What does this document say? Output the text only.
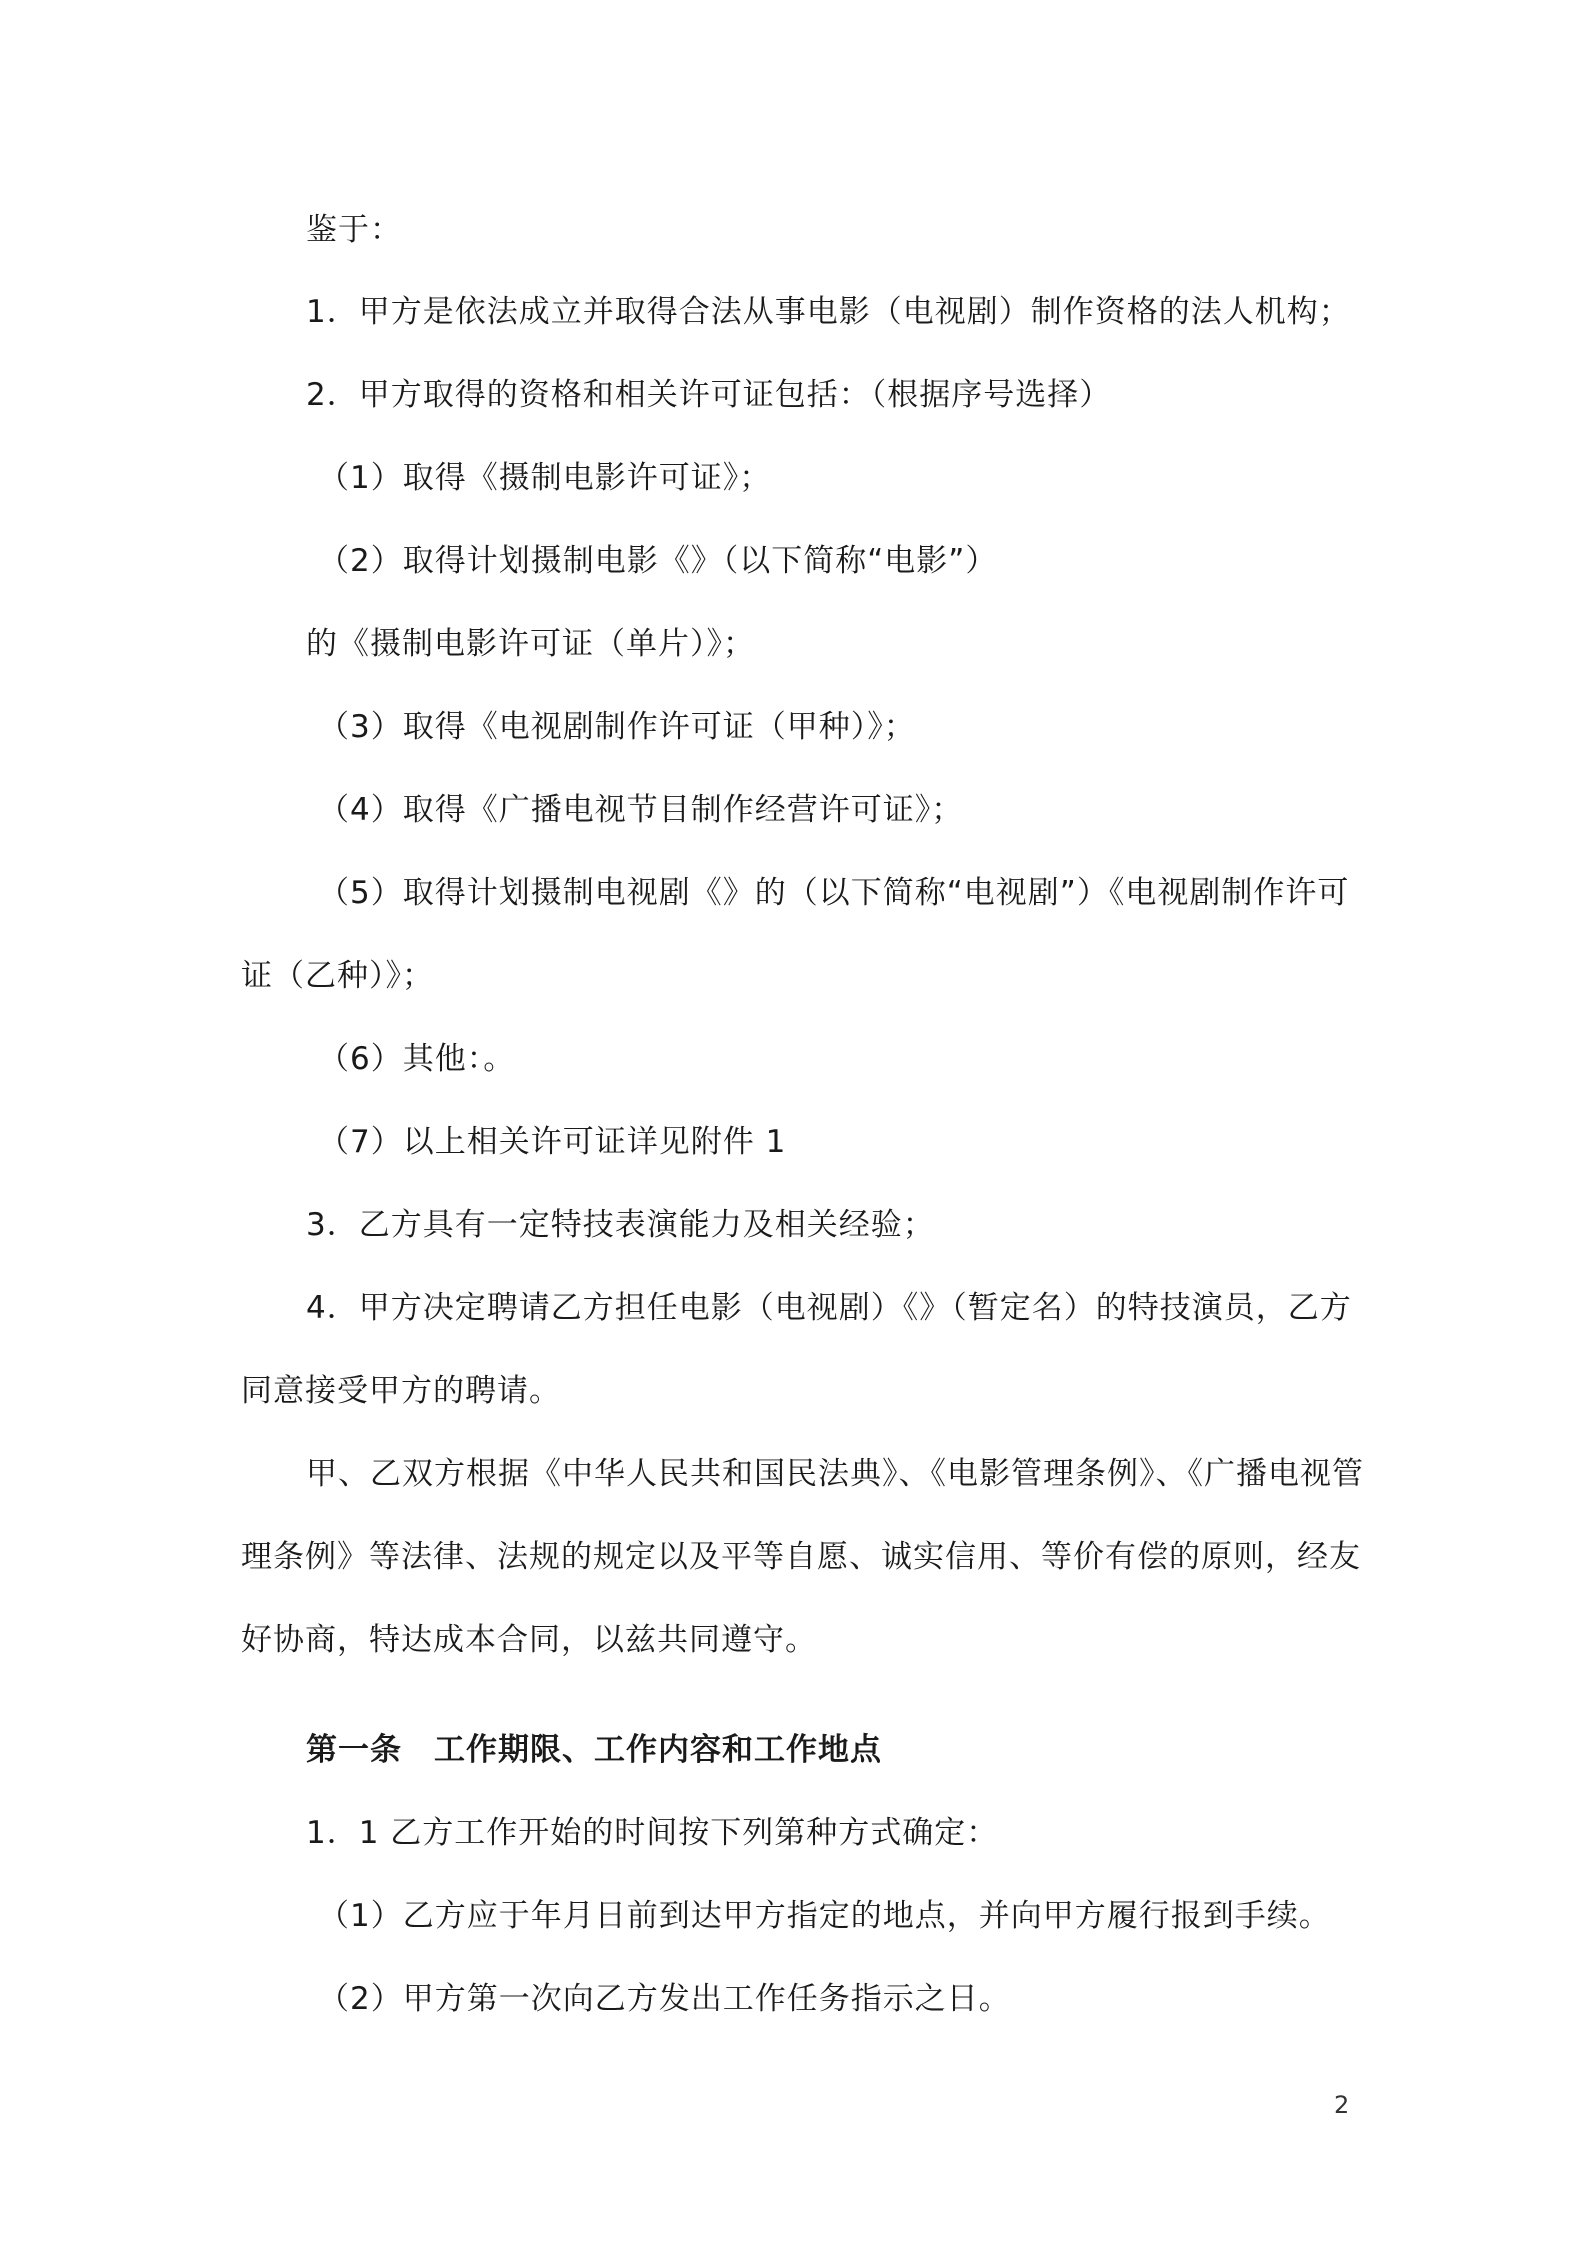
鉴于：
1．甲方是依法成立并取得合法从事电影（电视剧）制作资格的法人机构；
2．甲方取得的资格和相关许可证包括：（根据序号选择）
（1）取得《摄制电影许可证》；
（2）取得计划摄制电影《》（以下简称“电影”）
的《摄制电影许可证（单片）》；
（3）取得《电视剧制作许可证（甲种）》；
（4）取得《广播电视节目制作经营许可证》；
（5）取得计划摄制电视剧《》的（以下简称“电视剧”）《电视剧制作许可
证（乙种）》；
（6）其他：。
（7）以上相关许可证详见附件 1
3．乙方具有一定特技表演能力及相关经验；
4．甲方决定聘请乙方担任电影（电视剧）《》（暂定名）的特技演员，乙方
同意接受甲方的聘请。
甲、乙双方根据《中华人民共和国民法典》、《电影管理条例》、《广播电视管
理条例》等法律、法规的规定以及平等自愿、诚实信用、等价有偿的原则，经友
好协商，特达成本合同，以兹共同遵守。
第一条　工作期限、工作内容和工作地点
1．1 乙方工作开始的时间按下列第种方式确定：
（1）乙方应于年月日前到达甲方指定的地点，并向甲方履行报到手续。
（2）甲方第一次向乙方发出工作任务指示之日。
2
